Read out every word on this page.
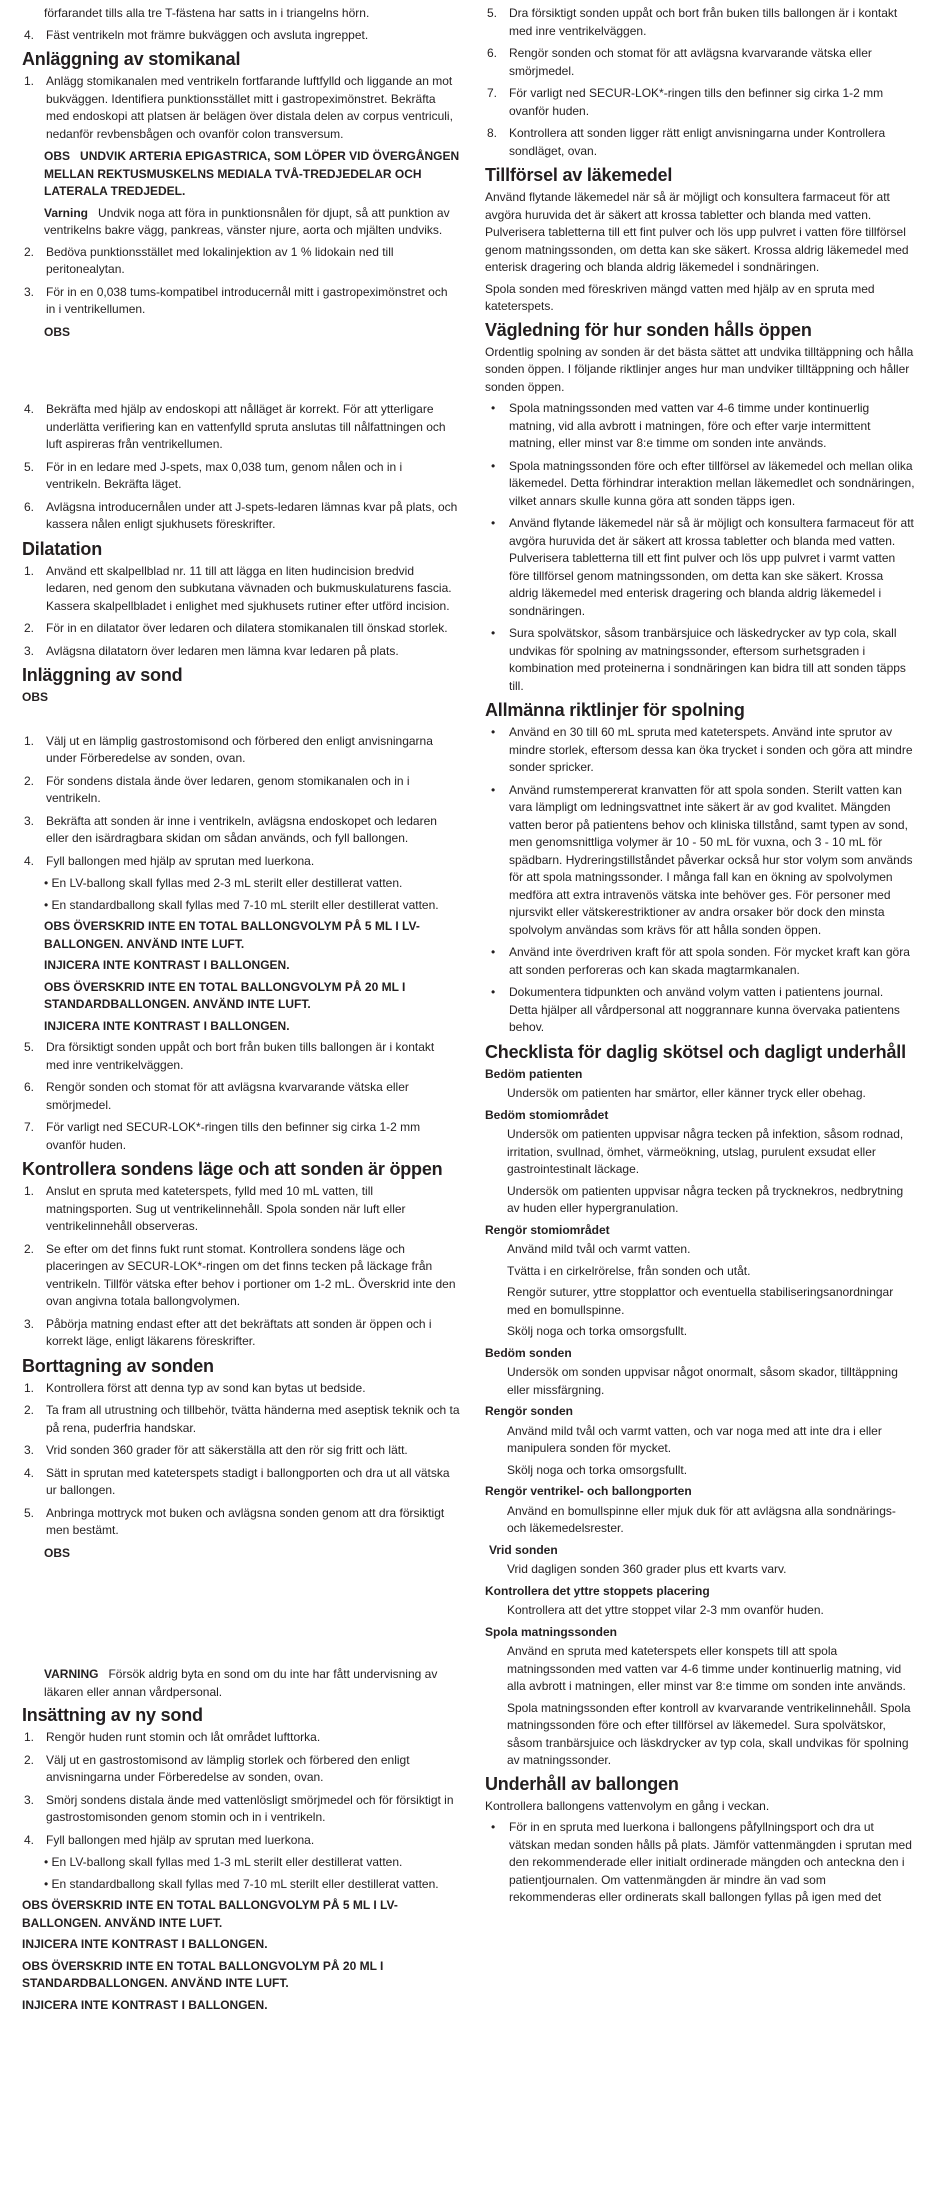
förfarandet tills alla tre T-fästena har satts in i triangelns hörn.

4. Fäst ventrikeln mot främre bukväggen och avsluta ingreppet.
Anläggning av stomikanal
1. Anlägg stomikanalen med ventrikeln fortfarande luftfylld och liggande an mot bukväggen. Identifiera punktionsstället mitt i gastropeximönstret. Bekräfta med endoskopi att platsen är belägen över distala delen av corpus ventriculi, nedanför revbensbågen och ovanför colon transversum.

OBS UNDVIK ARTERIA EPIGASTRICA, SOM LÖPER VID ÖVERGÅNGEN MELLAN REKTUSMUSKELNS MEDIALA TVÅ-TREDJEDELAR OCH LATERALA TREDJEDEL.

Varning Undvik noga att föra in punktionsnålen för djupt, så att punktion av ventrikelns bakre vägg, pankreas, vänster njure, aorta och mjälten undviks.

2. Bedöva punktionsstället med lokalinjektion av 1 % lidokain ned till peritonealytan.
3. För in en 0,038 tums-kompatibel introducernål mitt i gastropeximönstret och in i ventrikellumen.

OBS

4. Bekräfta med hjälp av endoskopi att nålläget är korrekt. För att ytterligare underlätta verifiering kan en vattenfylld spruta anslutas till nålfattningen och luft aspireras från ventrikellumen.
5. För in en ledare med J-spets, max 0,038 tum, genom nålen och in i ventrikeln. Bekräfta läget.
6. Avlägsna introducernålen under att J-spets-ledaren lämnas kvar på plats, och kassera nålen enligt sjukhusets föreskrifter.
Dilatation
1. Använd ett skalpellblad nr. 11 till att lägga en liten hudincision bredvid ledaren, ned genom den subkutana vävnaden och bukmuskulaturens fascia. Kassera skalpellbladet i enlighet med sjukhusets rutiner efter utförd incision.
2. För in en dilatator över ledaren och dilatera stomikanalen till önskad storlek.
3. Avlägsna dilatatorn över ledaren men lämna kvar ledaren på plats.
Inläggning av sond

OBS

1. Välj ut en lämplig gastrostomisond och förbered den enligt anvisningarna under Förberedelse av sonden, ovan.
2. För sondens distala ände över ledaren, genom stomikanalen och in i ventrikeln.
3. Bekräfta att sonden är inne i ventrikeln, avlägsna endoskopet och ledaren eller den isärdragbara skidan om sådan används, och fyll ballongen.
4. Fyll ballongen med hjälp av sprutan med luerkona.

• En LV-ballong skall fyllas med 2-3 mL sterilt eller destillerat vatten.

• En standardballong skall fyllas med 7-10 mL sterilt eller destillerat vatten.

OBS ÖVERSKRID INTE EN TOTAL BALLONGVOLYM PÅ 5 ML I LV-BALLONGEN. ANVÄND INTE LUFT.

INJICERA INTE KONTRAST I BALLONGEN.

OBS ÖVERSKRID INTE EN TOTAL BALLONGVOLYM PÅ 20 ML I STANDARDBALLONGEN. ANVÄND INTE LUFT.

INJICERA INTE KONTRAST I BALLONGEN.

5. Dra försiktigt sonden uppåt och bort från buken tills ballongen är i kontakt med inre ventrikelväggen.
6. Rengör sonden och stomat för att avlägsna kvarvarande vätska eller smörjmedel.
7. För varligt ned SECUR-LOK*-ringen tills den befinner sig cirka 1-2 mm ovanför huden.
Kontrollera sondens läge och att sonden är öppen
1. Anslut en spruta med kateterspets, fylld med 10 mL vatten, till matningsporten. Sug ut ventrikelinnehåll. Spola sonden när luft eller ventrikelinnehåll observeras.
2. Se efter om det finns fukt runt stomat. Kontrollera sondens läge och placeringen av SECUR-LOK*-ringen om det finns tecken på läckage från ventrikeln. Tillför vätska efter behov i portioner om 1-2 mL. Överskrid inte den ovan angivna totala ballongvolymen.
3. Påbörja matning endast efter att det bekräftats att sonden är öppen och i korrekt läge, enligt läkarens föreskrifter.
Borttagning av sonden
1. Kontrollera först att denna typ av sond kan bytas ut bedside.
2. Ta fram all utrustning och tillbehör, tvätta händerna med aseptisk teknik och ta på rena, puderfria handskar.
3. Vrid sonden 360 grader för att säkerställa att den rör sig fritt och lätt.
4. Sätt in sprutan med kateterspets stadigt i ballongporten och dra ut all vätska ur ballongen.
5. Anbringa mottryck mot buken och avlägsna sonden genom att dra försiktigt men bestämt.

OBS

VARNING Försök aldrig byta en sond om du inte har fått undervisning av läkaren eller annan vårdpersonal.

Insättning av ny sond
1. Rengör huden runt stomin och låt området lufttorka.
2. Välj ut en gastrostomisond av lämplig storlek och förbered den enligt anvisningarna under Förberedelse av sonden, ovan.
3. Smörj sondens distala ände med vattenlösligt smörjmedel och för försiktigt in gastrostomisonden genom stomin och in i ventrikeln.
4. Fyll ballongen med hjälp av sprutan med luerkona.

• En LV-ballong skall fyllas med 1-3 mL sterilt eller destillerat vatten.

• En standardballong skall fyllas med 7-10 mL sterilt eller destillerat vatten.

OBS ÖVERSKRID INTE EN TOTAL BALLONGVOLYM PÅ 5 ML I LV-BALLONGEN. ANVÄND INTE LUFT.

INJICERA INTE KONTRAST I BALLONGEN.

OBS ÖVERSKRID INTE EN TOTAL BALLONGVOLYM PÅ 20 ML I STANDARDBALLONGEN. ANVÄND INTE LUFT.

INJICERA INTE KONTRAST I BALLONGEN.

5. Dra försiktigt sonden uppåt och bort från buken tills ballongen är i kontakt med inre ventrikelväggen.
6. Rengör sonden och stomat för att avlägsna kvarvarande vätska eller smörjmedel.
7. För varligt ned SECUR-LOK*-ringen tills den befinner sig cirka 1-2 mm ovanför huden.
8. Kontrollera att sonden ligger rätt enligt anvisningarna under Kontrollera sondläget, ovan.
Tillförsel av läkemedel

Använd flytande läkemedel när så är möjligt och konsultera farmaceut för att avgöra huruvida det är säkert att krossa tabletter och blanda med vatten. Pulverisera tabletterna till ett fint pulver och lös upp pulvret i vatten före tillförsel genom matningssonden, om detta kan ske säkert. Krossa aldrig läkemedel med enterisk dragering och blanda aldrig läkemedel i sondnäringen.

Spola sonden med föreskriven mängd vatten med hjälp av en spruta med kateterspets.

Vägledning för hur sonden hålls öppen

Ordentlig spolning av sonden är det bästa sättet att undvika tilltäppning och hålla sonden öppen. I följande riktlinjer anges hur man undviker tilltäppning och håller sonden öppen.

• Spola matningssonden med vatten var 4-6 timme under kontinuerlig matning, vid alla avbrott i matningen, före och efter varje intermittent matning, eller minst var 8:e timme om sonden inte används.
• Spola matningssonden före och efter tillförsel av läkemedel och mellan olika läkemedel. Detta förhindrar interaktion mellan läkemedlet och sondnäringen, vilket annars skulle kunna göra att sonden täpps igen.
• Använd flytande läkemedel när så är möjligt och konsultera farmaceut för att avgöra huruvida det är säkert att krossa tabletter och blanda med vatten. Pulverisera tabletterna till ett fint pulver och lös upp pulvret i varmt vatten före tillförsel genom matningssonden, om detta kan ske säkert. Krossa aldrig läkemedel med enterisk dragering och blanda aldrig läkemedel i sondnäringen.
• Sura spolvätskor, såsom tranbärsjuice och läskedrycker av typ cola, skall undvikas för spolning av matningssonder, eftersom surhetsgraden i kombination med proteinerna i sondnäringen kan bidra till att sonden täpps till.
Allmänna riktlinjer för spolning
• Använd en 30 till 60 mL spruta med kateterspets. Använd inte sprutor av mindre storlek, eftersom dessa kan öka trycket i sonden och göra att mindre sonder spricker.
• Använd rumstempererat kranvatten för att spola sonden. Sterilt vatten kan vara lämpligt om ledningsvattnet inte säkert är av god kvalitet. Mängden vatten beror på patientens behov och kliniska tillstånd, samt typen av sond, men genomsnittliga volymer är 10 - 50 mL för vuxna, och 3 - 10 mL för spädbarn. Hydreringstillståndet påverkar också hur stor volym som används för att spola matningssonder. I många fall kan en ökning av spolvolymen medföra att extra intravenös vätska inte behöver ges. För personer med njursvikt eller vätskerestriktioner av andra orsaker bör dock den minsta spolvolym användas som krävs för att hålla sonden öppen.
• Använd inte överdriven kraft för att spola sonden. För mycket kraft kan göra att sonden perforeras och kan skada magtarmkanalen.
• Dokumentera tidpunkten och använd volym vatten i patientens journal. Detta hjälper all vårdpersonal att noggrannare kunna övervaka patientens behov.
Checklista för daglig skötsel och dagligt underhåll
Bedöm patienten

Undersök om patienten har smärtor, eller känner tryck eller obehag.

Bedöm stomiområdet

Undersök om patienten uppvisar några tecken på infektion, såsom rodnad, irritation, svullnad, ömhet, värmeökning, utslag, purulent exsudat eller gastrointestinalt läckage.

Undersök om patienten uppvisar några tecken på trycknekros, nedbrytning av huden eller hypergranulation.

Rengör stomiområdet

Använd mild tvål och varmt vatten.

Tvätta i en cirkelrörelse, från sonden och utåt.

Rengör suturer, yttre stopplattor och eventuella stabiliseringsanordningar med en bomullspinne.

Skölj noga och torka omsorgsfullt.

Bedöm sonden

Undersök om sonden uppvisar något onormalt, såsom skador, tilltäppning eller missfärgning.

Rengör sonden

Använd mild tvål och varmt vatten, och var noga med att inte dra i eller manipulera sonden för mycket.

Skölj noga och torka omsorgsfullt.

Rengör ventrikel- och ballongporten

Använd en bomullspinne eller mjuk duk för att avlägsna alla sondnärings- och läkemedelsrester.

Vrid sonden

Vrid dagligen sonden 360 grader plus ett kvarts varv.

Kontrollera det yttre stoppets placering

Kontrollera att det yttre stoppet vilar 2-3 mm ovanför huden.

Spola matningssonden

Använd en spruta med kateterspets eller konspets till att spola matningssonden med vatten var 4-6 timme under kontinuerlig matning, vid alla avbrott i matningen, eller minst var 8:e timme om sonden inte används.

Spola matningssonden efter kontroll av kvarvarande ventrikelinnehåll. Spola matningssonden före och efter tillförsel av läkemedel. Sura spolvätskor, såsom tranbärsjuice och läskdrycker av typ cola, skall undvikas för spolning av matningssonder.

Underhåll av ballongen

Kontrollera ballongens vattenvolym en gång i veckan.

• För in en spruta med luerkona i ballongens påfyllningsport och dra ut vätskan medan sonden hålls på plats. Jämför vattenmängden i sprutan med den rekommenderade eller initialt ordinerade mängden och anteckna den i patientjournalen. Om vattenmängden är mindre än vad som rekommenderas eller ordinerats skall ballongen fyllas på igen med det
